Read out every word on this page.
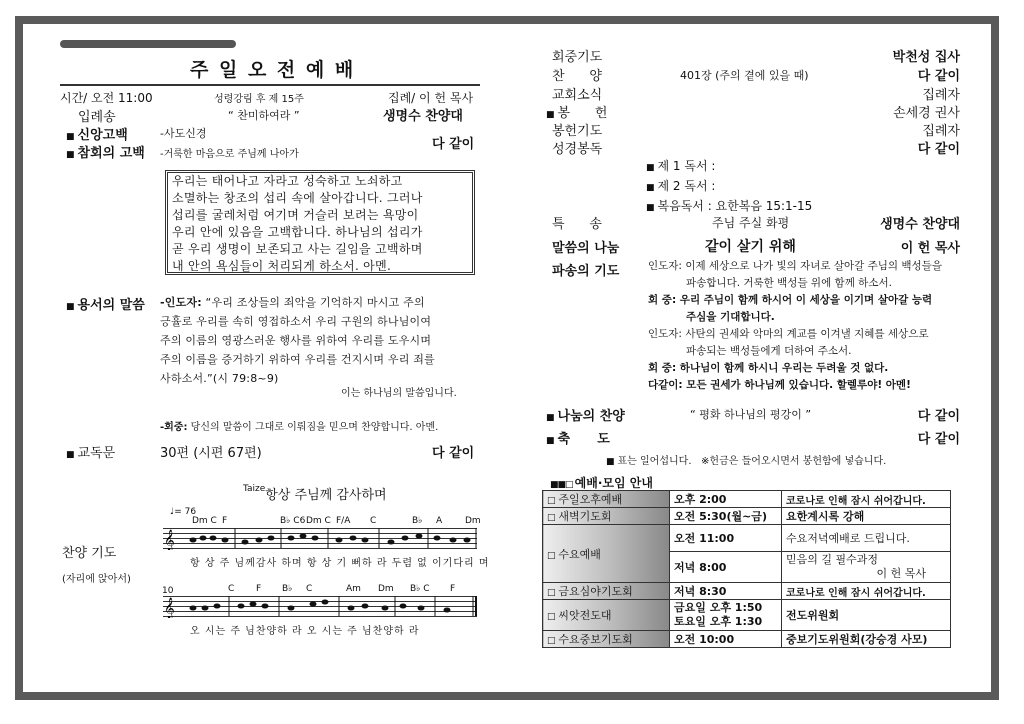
주 일 오 전 예 배
시간/ 오전 11:00	성령강림 후 제 15주	집례/ 이 헌 목사
입례송	“ 찬미하여라 ”	생명수 찬양대
■ 신앙고백	-사도신경
■ 참회의 고백 -거룩한 마음으로 주님께 나아가
다 같이
우리는 태어나고 자라고 성숙하고 노쇠하고
소멸하는 창조의 섭리 속에 살아갑니다. 그러나
섭리를 굴레처럼 여기며 거슬러 보려는 욕망이
우리 안에 있음을 고백합니다. 하나님의 섭리가
곧 우리 생명이 보존되고 사는 길임을 고백하며
내 안의 욕심들이 처리되게 하소서. 아멘.
■ 용서의 말씀 -인도자: “우리 조상들의 죄악을 기억하지 마시고 주의
긍휼로 우리를 속히 영접하소서 우리 구원의 하나님이여
주의 이름의 영광스러운 행사를 위하여 우리를 도우시며
주의 이름을 증거하기 위하여 우리를 건지시며 우리 죄를
사하소서.”(시 79:8~9)
이는 하나님의 말씀입니다.
-회중: 당신의 말씀이 그대로 이뤄짐을 믿으며 찬양합니다. 아멘.
■ 교독문	30편 (시편 67편)	다 같이
$^{Taize}$항상 주님께 감사하며
찬양 기도
(자리에 앉아서)
♩= 76
Dm C F	B♭ C6 Dm C F/A C	B♭ A	Dm
𝄞
항 상 주 님께감사 하며 항 상 기 뻐하 라 두렴 없 이기다리 며
10	C F B♭ C	Am Dm B♭ C F
𝄞
오 시는 주 님찬양하 라 오 시는 주 님찬양하 라
회중기도	박천성 집사
찬      양	401장 (주의 곁에 있을 때)	다 같이
교회소식	집례자
■ 봉      헌	손세경 권사
봉헌기도	집례자
성경봉독	다 같이
■ 제 1 독서 :
■ 제 2 독서 :
■ 복음독서 : 요한복음 15:1-15
특      송	주님 주실 화평	생명수 찬양대
말씀의 나눔	같이 살기 위해	이 헌 목사
파송의 기도	인도자: 이제 세상으로 나가 빛의 자녀로 살아갈 주님의 백성들을
파송합니다. 거룩한 백성들 위에 함께 하소서.
회 중: 우리 주님이 함께 하시어 이 세상을 이기며 살아갈 능력
주심을 기대합니다.
인도자: 사탄의 권세와 악마의 계교를 이겨낼 지혜를 세상으로
파송되는 백성들에게 더하여 주소서.
회 중: 하나님이 함께 하시니 우리는 두려울 것 없다.
다같이: 모든 권세가 하나님께 있습니다. 할렐루야! 아멘!
■ 나눔의 찬양	“ 평화 하나님의 평강이 ”	다 같이
■ 축      도	다 같이
■ 표는 일어섭니다.   ※헌금은 들어오시면서 봉헌함에 넣습니다.
■■□ 예배·모임 안내
□ 주일오후예배	오후 2:00	코로나로 인해 잠시 쉬어갑니다.
□ 새벽기도회	오전 5:30(월~금)	요한계시록 강해
□ 수요예배	오전 11:00	수요저녁예배로 드립니다.
	저녁 8:00	믿음의 길 필수과정
이 헌 목사

□ 금요심야기도회	저녁 8:30	코로나로 인해 잠시 쉬어갑니다.
□ 씨앗전도대	금요일 오후 1:50
토요일 오후 1:30	전도위원회
□ 수요중보기도회	오전 10:00	중보기도위원회(강승경 사모)
